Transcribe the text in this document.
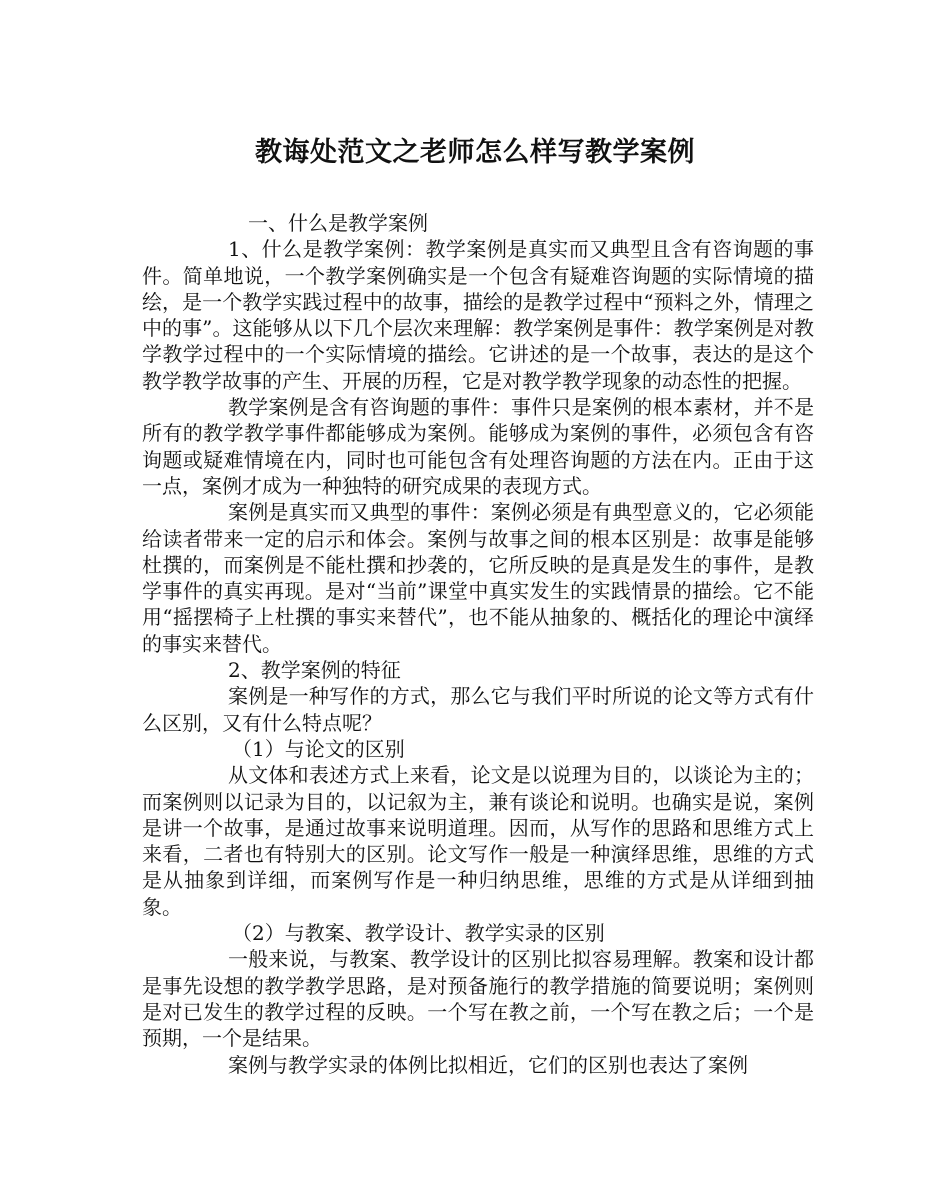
教诲处范文之老师怎么样写教学案例

一、什么是教学案例

1、什么是教学案例：教学案例是真实而又典型且含有咨询题的事件。简单地说，一个教学案例确实是一个包含有疑难咨询题的实际情境的描绘，是一个教学实践过程中的故事，描绘的是教学过程中“预料之外，情理之中的事”。这能够从以下几个层次来理解：教学案例是事件：教学案例是对教学教学过程中的一个实际情境的描绘。它讲述的是一个故事，表达的是这个教学教学故事的产生、开展的历程，它是对教学教学现象的动态性的把握。

教学案例是含有咨询题的事件：事件只是案例的根本素材，并不是所有的教学教学事件都能够成为案例。能够成为案例的事件，必须包含有咨询题或疑难情境在内，同时也可能包含有处理咨询题的方法在内。正由于这一点，案例才成为一种独特的研究成果的表现方式。

案例是真实而又典型的事件：案例必须是有典型意义的，它必须能给读者带来一定的启示和体会。案例与故事之间的根本区别是：故事是能够杜撰的，而案例是不能杜撰和抄袭的，它所反映的是真是发生的事件，是教学事件的真实再现。是对“当前”课堂中真实发生的实践情景的描绘。它不能用“摇摆椅子上杜撰的事实来替代”，也不能从抽象的、概括化的理论中演绎的事实来替代。

2、教学案例的特征

案例是一种写作的方式，那么它与我们平时所说的论文等方式有什么区别，又有什么特点呢？

（1）与论文的区别

从文体和表述方式上来看，论文是以说理为目的，以谈论为主的；而案例则以记录为目的，以记叙为主，兼有谈论和说明。也确实是说，案例是讲一个故事，是通过故事来说明道理。因而，从写作的思路和思维方式上来看，二者也有特别大的区别。论文写作一般是一种演绎思维，思维的方式是从抽象到详细，而案例写作是一种归纳思维，思维的方式是从详细到抽象。

（2）与教案、教学设计、教学实录的区别

一般来说，与教案、教学设计的区别比拟容易理解。教案和设计都是事先设想的教学教学思路，是对预备施行的教学措施的简要说明；案例则是对已发生的教学过程的反映。一个写在教之前，一个写在教之后；一个是预期，一个是结果。

案例与教学实录的体例比拟相近，它们的区别也表达了案例
